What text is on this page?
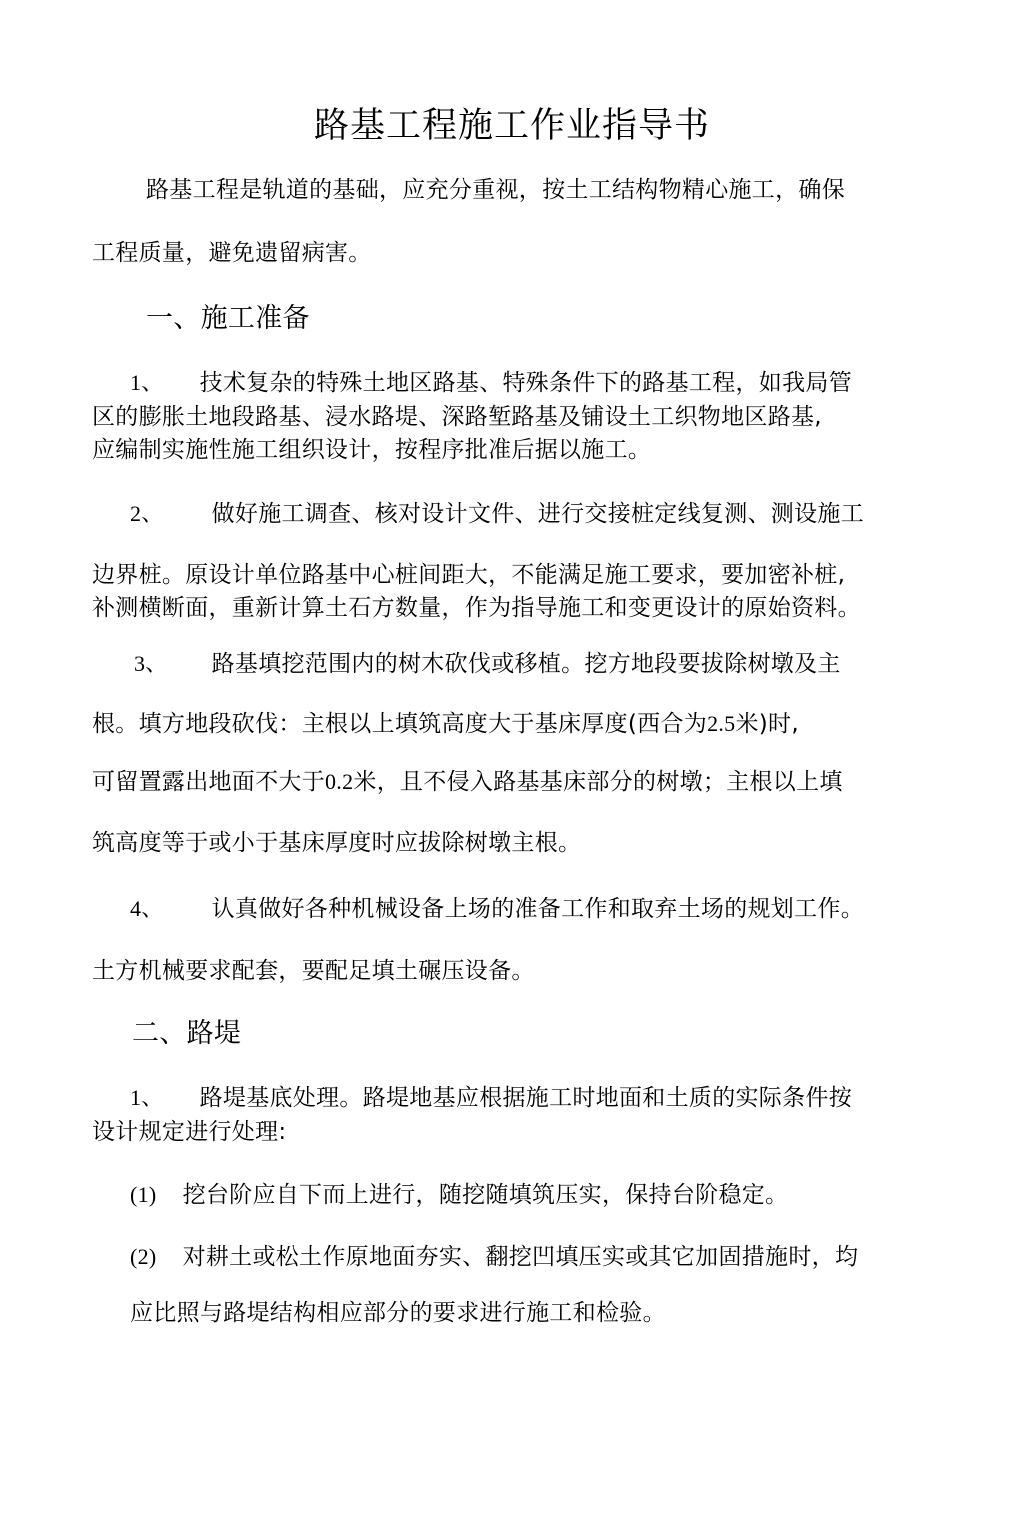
路基工程施工作业指导书
路基工程是轨道的基础，应充分重视，按土工结构物精心施工，确保
工程质量，避免遗留病害。
一、施工准备
1、 技术复杂的特殊土地区路基、特殊条件下的路基工程，如我局管
区的膨胀土地段路基、浸水路堤、深路堑路基及铺设土工织物地区路基,
应编制实施性施工组织设计，按程序批准后据以施工。
2、 做好施工调查、核对设计文件、进行交接桩定线复测、测设施工
边界桩。原设计单位路基中心桩间距大，不能满足施工要求，要加密补桩,
补测横断面，重新计算土石方数量，作为指导施工和变更设计的原始资料。
3、 路基填挖范围内的树木砍伐或移植。挖方地段要拔除树墩及主
根。填方地段砍伐：主根以上填筑高度大于基床厚度(西合为2.5米)时,
可留置露出地面不大于0.2米，且不侵入路基基床部分的树墩；主根以上填
筑高度等于或小于基床厚度时应拔除树墩主根。
4、 认真做好各种机械设备上场的准备工作和取弃土场的规划工作。
土方机械要求配套，要配足填土碾压设备。
二、路堤
1、 路堤基底处理。路堤地基应根据施工时地面和土质的实际条件按
设计规定进行处理:
(1) 挖台阶应自下而上进行，随挖随填筑压实，保持台阶稳定。
(2) 对耕土或松土作原地面夯实、翻挖凹填压实或其它加固措施时，均
应比照与路堤结构相应部分的要求进行施工和检验。
